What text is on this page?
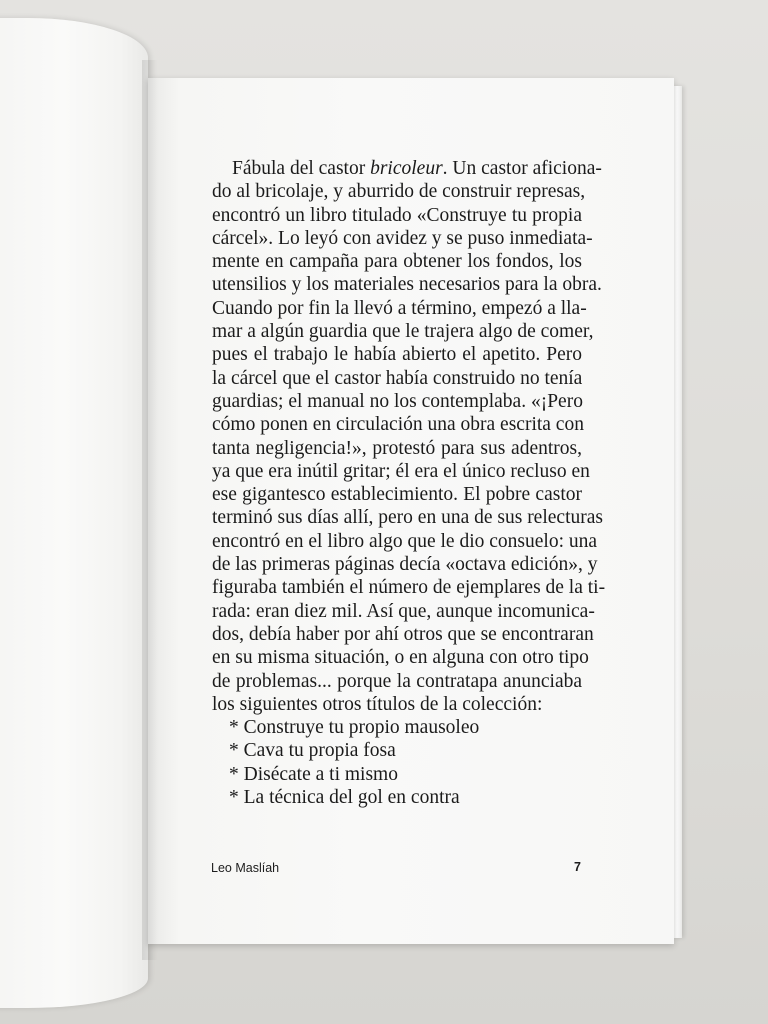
Fábula del castor bricoleur. Un castor aficiona-
do al bricolaje, y aburrido de construir represas,
encontró un libro titulado «Construye tu propia
cárcel». Lo leyó con avidez y se puso inmediata-
mente en campaña para obtener los fondos, los
utensilios y los materiales necesarios para la obra.
Cuando por fin la llevó a término, empezó a lla-
mar a algún guardia que le trajera algo de comer,
pues el trabajo le había abierto el apetito. Pero
la cárcel que el castor había construido no tenía
guardias; el manual no los contemplaba. «¡Pero
cómo ponen en circulación una obra escrita con
tanta negligencia!», protestó para sus adentros,
ya que era inútil gritar; él era el único recluso en
ese gigantesco establecimiento. El pobre castor
terminó sus días allí, pero en una de sus relecturas
encontró en el libro algo que le dio consuelo: una
de las primeras páginas decía «octava edición», y
figuraba también el número de ejemplares de la ti-
rada: eran diez mil. Así que, aunque incomunica-
dos, debía haber por ahí otros que se encontraran
en su misma situación, o en alguna con otro tipo
de problemas... porque la contratapa anunciaba
los siguientes otros títulos de la colección:
* Construye tu propio mausoleo
* Cava tu propia fosa
* Disécate a ti mismo
* La técnica del gol en contra
Leo Maslíah	7
